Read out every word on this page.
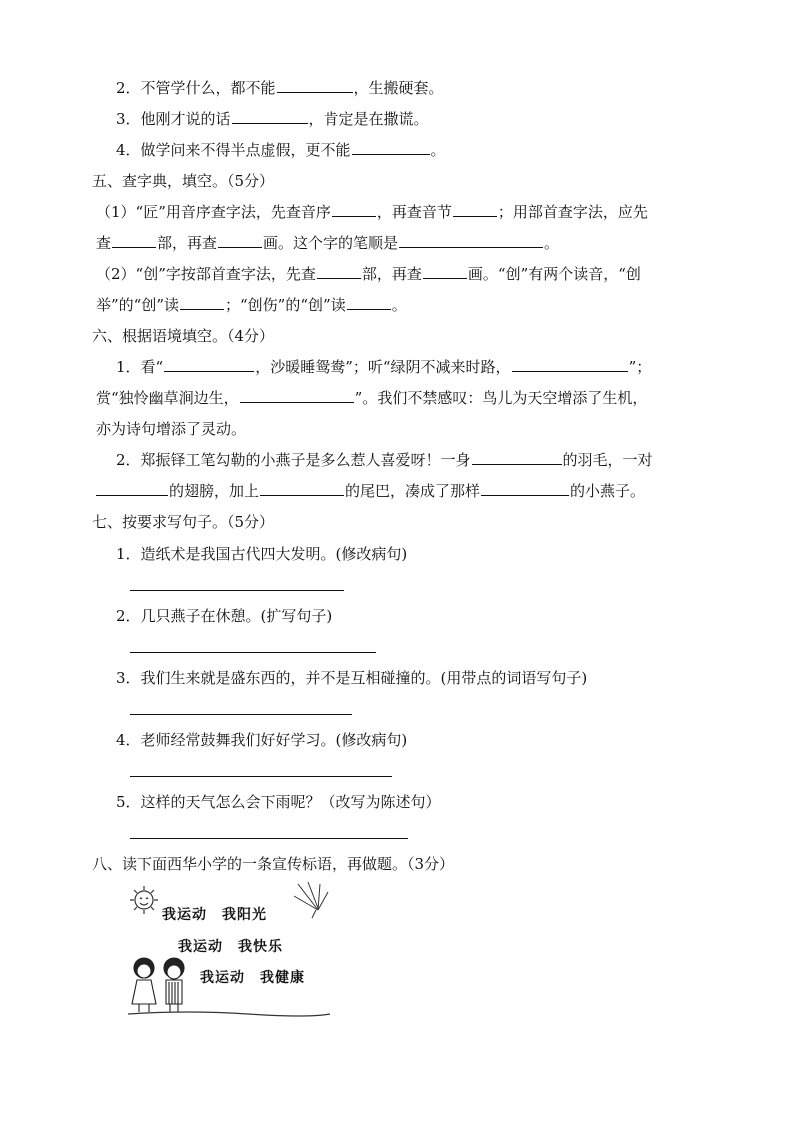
2．不管学什么，都不能	，生搬硬套。
3．他刚才说的话	，肯定是在撒谎。
4．做学问来不得半点虚假，更不能	。
五、查字典，填空。（5分）
（1）“匠”用音序查字法，先查音序	，再查音节	；用部首查字法，应先
查	部，再查	画。这个字的笔顺是	。
（2）“创”字按部首查字法，先查	部，再查	画。“创”有两个读音，“创
举”的“创”读	；“创伤”的“创”读	。
六、根据语境填空。（4分）
1．看“	，沙暖睡鸳鸯”；听“绿阴不减来时路，	”；
赏“独怜幽草涧边生，	”。我们不禁感叹：鸟儿为天空增添了生机，
亦为诗句增添了灵动。
2．郑振铎工笔勾勒的小燕子是多么惹人喜爱呀！一身	的羽毛，一对
的翅膀，加上	的尾巴，凑成了那样	的小燕子。
七、按要求写句子。（5分）
1．造纸术是我国古代四大发明。(修改病句)
2．几只燕子在休憩。(扩写句子)
3．我们生来就是盛东西的，并不是互相碰撞的。(用带点的词语写句子)
4．老师经常鼓舞我们好好学习。(修改病句)
5．这样的天气怎么会下雨呢？（改写为陈述句）
八、读下面西华小学的一条宣传标语，再做题。（3分）
我运动　我阳光
我运动　我快乐
我运动　我健康
